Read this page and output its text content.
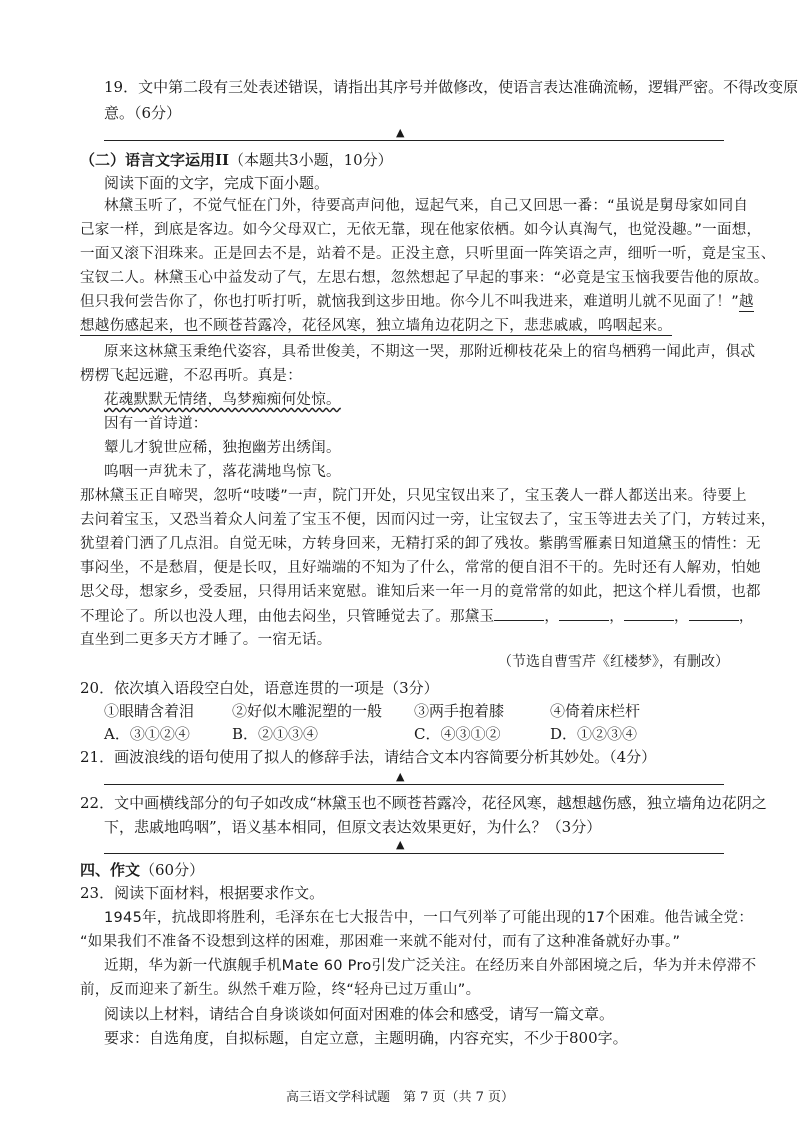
19．文中第二段有三处表述错误，请指出其序号并做修改，使语言表达准确流畅，逻辑严密。不得改变原
意。（6分）
▲
（二）语言文字运用II（本题共3小题，10分）
阅读下面的文字，完成下面小题。
林黛玉听了，不觉气怔在门外，待要高声问他，逗起气来，自己又回思一番：“虽说是舅母家如同自
己家一样，到底是客边。如今父母双亡，无依无靠，现在他家依栖。如今认真淘气，也觉没趣。”一面想，
一面又滚下泪珠来。正是回去不是，站着不是。正没主意，只听里面一阵笑语之声，细听一听，竟是宝玉、
宝钗二人。林黛玉心中益发动了气，左思右想，忽然想起了早起的事来：“必竟是宝玉恼我要告他的原故。
但只我何尝告你了，你也打听打听，就恼我到这步田地。你今儿不叫我进来，难道明儿就不见面了！”越
想越伤感起来，也不顾苍苔露冷，花径风寒，独立墙角边花阴之下，悲悲戚戚，呜咽起来。
原来这林黛玉秉绝代姿容，具希世俊美，不期这一哭，那附近柳枝花朵上的宿鸟栖鸦一闻此声，俱忒
楞楞飞起远避，不忍再听。真是：
花魂默默无情绪，鸟梦痴痴何处惊。
因有一首诗道：
颦儿才貌世应稀，独抱幽芳出绣闺。
呜咽一声犹未了，落花满地鸟惊飞。
那林黛玉正自啼哭，忽听“吱喽”一声，院门开处，只见宝钗出来了，宝玉袭人一群人都送出来。待要上
去问着宝玉，又恐当着众人问羞了宝玉不便，因而闪过一旁，让宝钗去了，宝玉等进去关了门，方转过来，
犹望着门洒了几点泪。自觉无味，方转身回来，无精打采的卸了残妆。紫鹃雪雁素日知道黛玉的情性：无
事闷坐，不是愁眉，便是长叹，且好端端的不知为了什么，常常的便自泪不干的。先时还有人解劝，怕她
思父母，想家乡，受委屈，只得用话来宽慰。谁知后来一年一月的竟常常的如此，把这个样儿看惯，也都
不理论了。所以也没人理，由他去闷坐，只管睡觉去了。那黛玉	，	，	，	，
直坐到二更多天方才睡了。一宿无话。
（节选自曹雪芹《红楼梦》，有删改）
20．依次填入语段空白处，语意连贯的一项是（3分）
①眼睛含着泪	②好似木雕泥塑的一般 ③两手抱着膝	④倚着床栏杆
A．③①②④	B．②①③④	C．④③①②	D．①②③④
21．画波浪线的语句使用了拟人的修辞手法，请结合文本内容简要分析其妙处。（4分）
▲
22．文中画横线部分的句子如改成“林黛玉也不顾苍苔露冷，花径风寒，越想越伤感，独立墙角边花阴之
下，悲戚地呜咽”，语义基本相同，但原文表达效果更好，为什么？（3分）
▲
四、作文（60分）
23．阅读下面材料，根据要求作文。
1945年，抗战即将胜利，毛泽东在七大报告中，一口气列举了可能出现的17个困难。他告诫全党：
“如果我们不准备不设想到这样的困难，那困难一来就不能对付，而有了这种准备就好办事。”
近期，华为新一代旗舰手机Mate 60 Pro引发广泛关注。在经历来自外部困境之后，华为并未停滞不
前，反而迎来了新生。纵然千难万险，终“轻舟已过万重山”。
阅读以上材料，请结合自身谈谈如何面对困难的体会和感受，请写一篇文章。
要求：自选角度，自拟标题，自定立意，主题明确，内容充实，不少于800字。
高三语文学科试题　第 7 页（共 7 页）
